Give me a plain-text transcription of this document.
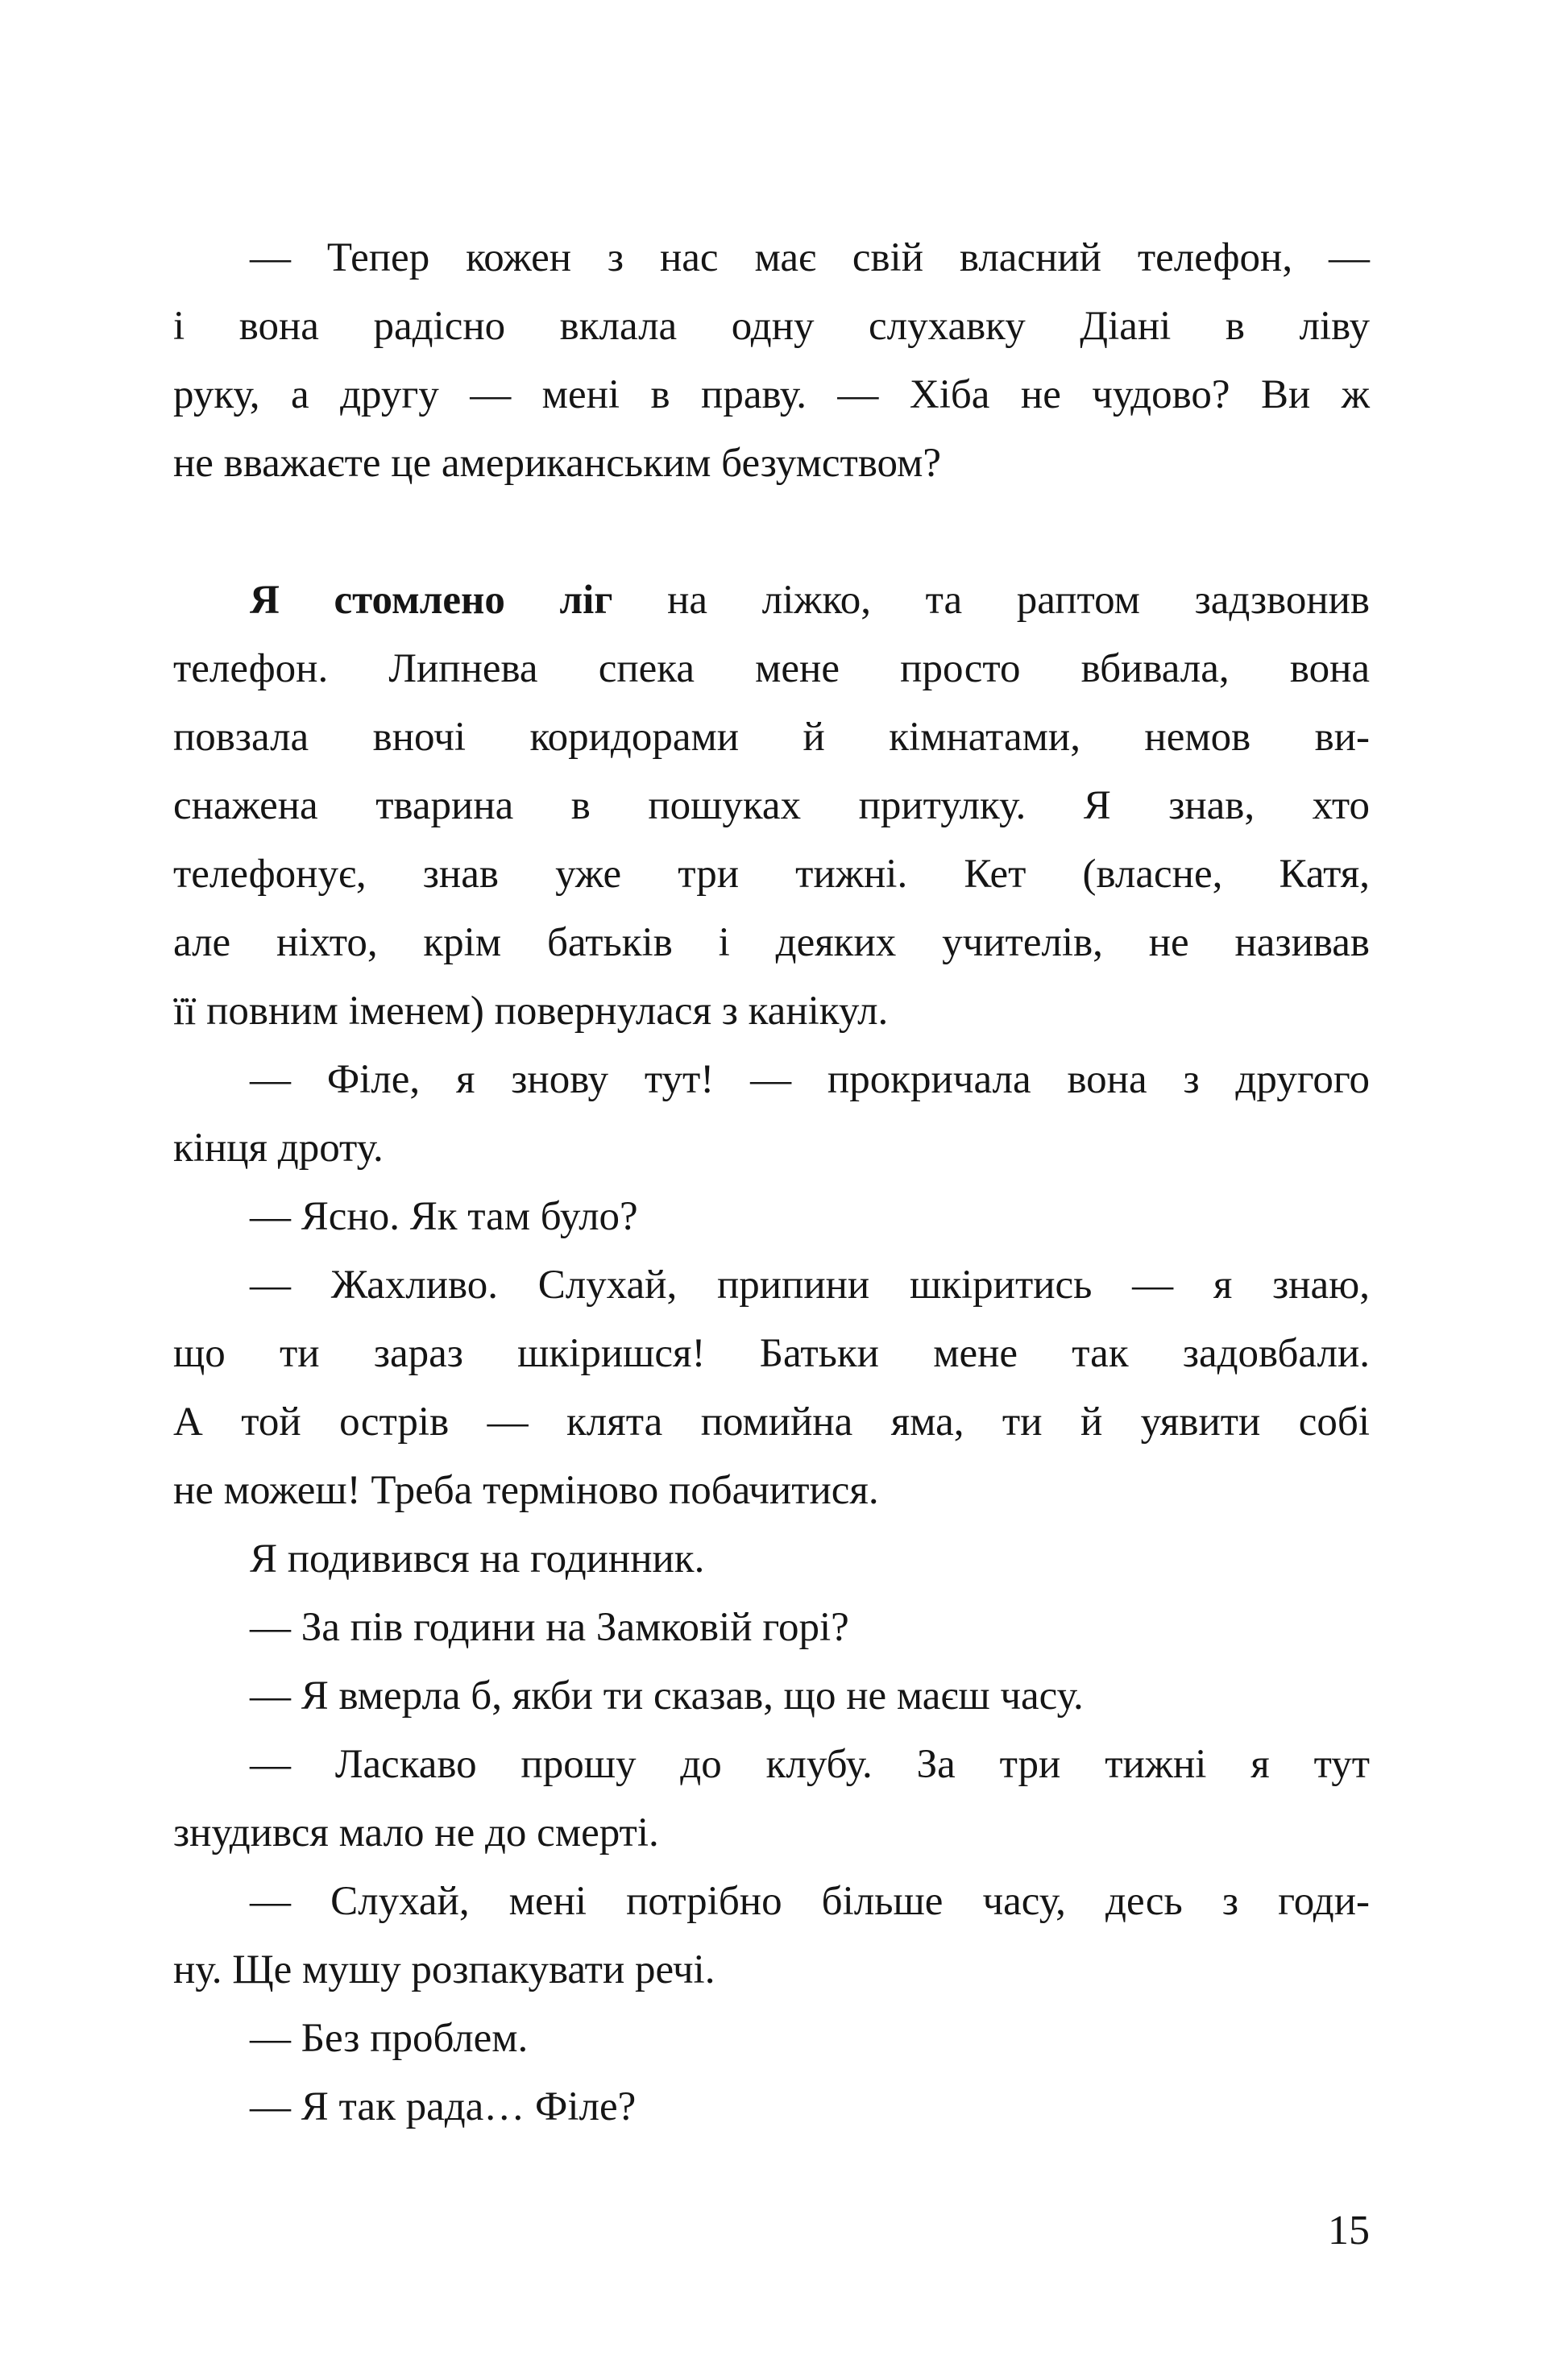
— Тепер кожен з нас має свій власний телефон, —
і вона радісно вклала одну слухавку Діані в ліву
руку, а другу — мені в праву. — Хіба не чудово? Ви ж
не вважаєте це американським безумством?
Я стомлено ліг на ліжко, та раптом задзвонив
телефон. Липнева спека мене просто вбивала, вона
повзала вночі коридорами й кімнатами, немов ви-
снажена тварина в пошуках притулку. Я знав, хто
телефонує, знав уже три тижні. Кет (власне, Катя,
але ніхто, крім батьків і деяких учителів, не називав
її повним іменем) повернулася з канікул.
— Філе, я знову тут! — прокричала вона з другого
кінця дроту.
— Ясно. Як там було?
— Жахливо. Слухай, припини шкіритись — я знаю,
що ти зараз шкіришся! Батьки мене так задовбали.
А той острів — клята помийна яма, ти й уявити собі
не можеш! Треба терміново побачитися.
Я подивився на годинник.
— За пів години на Замковій горі?
— Я вмерла б, якби ти сказав, що не маєш часу.
— Ласкаво прошу до клубу. За три тижні я тут
знудився мало не до смерті.
— Слухай, мені потрібно більше часу, десь з годи-
ну. Ще мушу розпакувати речі.
— Без проблем.
— Я так рада… Філе?
15
